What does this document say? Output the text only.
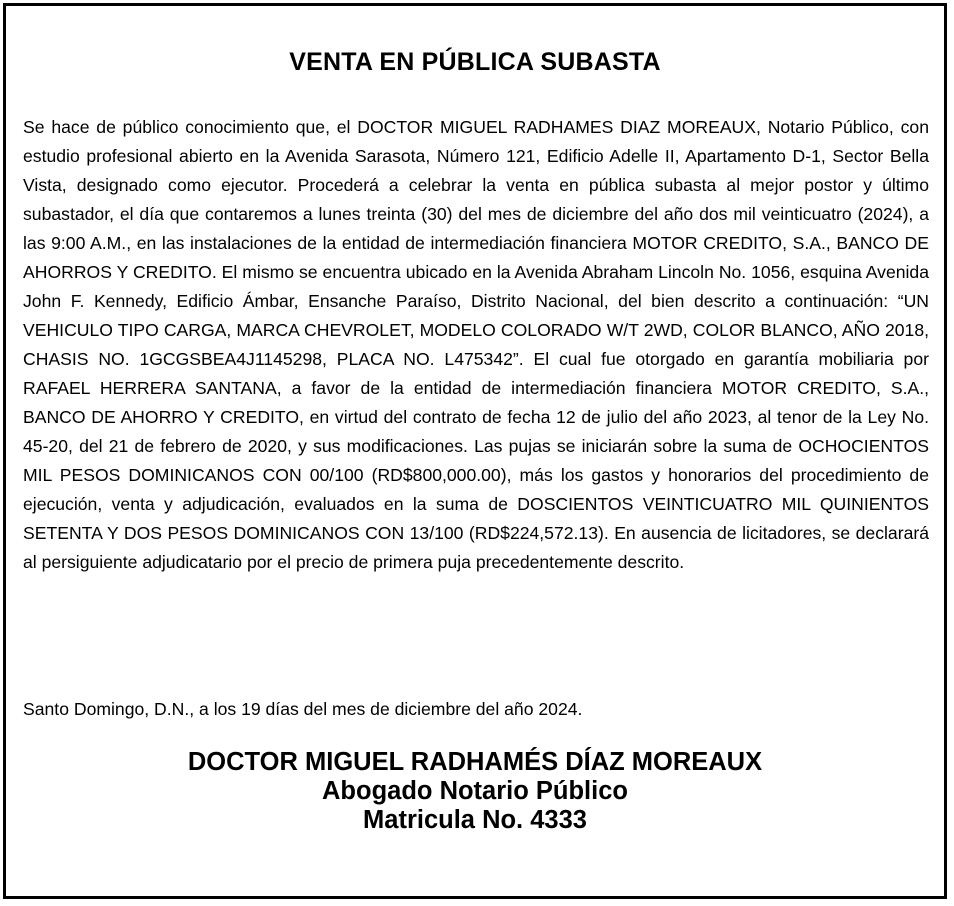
VENTA EN PÚBLICA SUBASTA

Se hace de público conocimiento que, el DOCTOR MIGUEL RADHAMES DIAZ MOREAUX, Notario Público, con estudio profesional abierto en la Avenida Sarasota, Número 121, Edificio Adelle II, Apartamento D-1, Sector Bella Vista, designado como ejecutor. Procederá a celebrar la venta en pública subasta al mejor postor y último subastador, el día que contaremos a lunes treinta (30) del mes de diciembre del año dos mil veinticuatro (2024), a las 9:00 A.M., en las instalaciones de la entidad de intermediación financiera MOTOR CREDITO, S.A., BANCO DE AHORROS Y CREDITO. El mismo se encuentra ubicado en la Avenida Abraham Lincoln No. 1056, esquina Avenida John F. Kennedy, Edificio Ámbar, Ensanche Paraíso, Distrito Nacional, del bien descrito a continuación: “UN VEHICULO TIPO CARGA, MARCA CHEVROLET, MODELO COLORADO W/T 2WD, COLOR BLANCO, AÑO 2018, CHASIS NO. 1GCGSBEA4J1145298, PLACA NO. L475342”. El cual fue otorgado en garantía mobiliaria por RAFAEL HERRERA SANTANA, a favor de la entidad de intermediación financiera MOTOR CREDITO, S.A., BANCO DE AHORRO Y CREDITO, en virtud del contrato de fecha 12 de julio del año 2023, al tenor de la Ley No. 45-20, del 21 de febrero de 2020, y sus modificaciones. Las pujas se iniciarán sobre la suma de OCHOCIENTOS MIL PESOS DOMINICANOS CON 00/100 (RD$800,000.00), más los gastos y honorarios del procedimiento de ejecución, venta y adjudicación, evaluados en la suma de DOSCIENTOS VEINTICUATRO MIL QUINIENTOS SETENTA Y DOS PESOS DOMINICANOS CON 13/100 (RD$224,572.13). En ausencia de licitadores, se declarará al persiguiente adjudicatario por el precio de primera puja precedentemente descrito.

Santo Domingo, D.N., a los 19 días del mes de diciembre del año 2024.

DOCTOR MIGUEL RADHAMÉS DÍAZ MOREAUX
Abogado Notario Público
Matricula No. 4333
